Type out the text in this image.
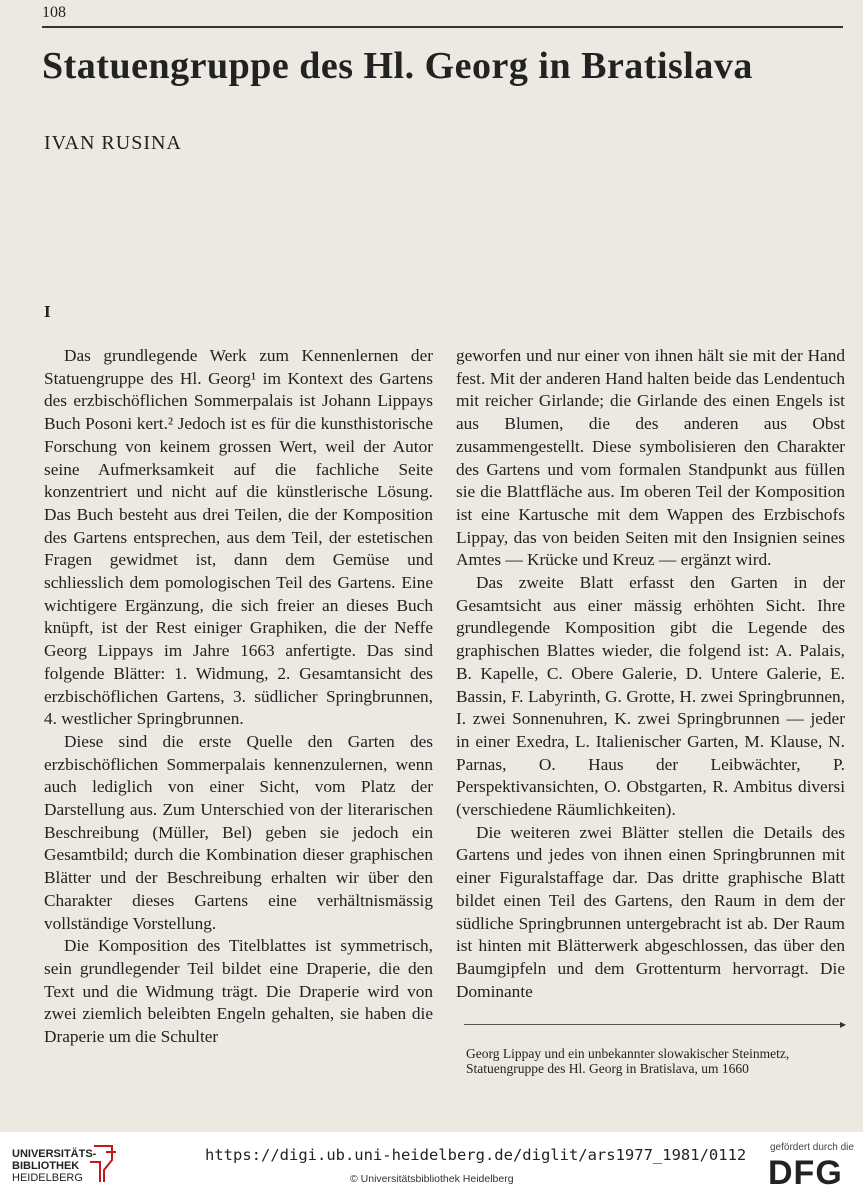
108
Statuengruppe des Hl. Georg in Bratislava
IVAN RUSINA
I

Das grundlegende Werk zum Kennenlernen der Statuengruppe des Hl. Georg¹ im Kontext des Gartens des erzbischöflichen Sommerpalais ist Johann Lippays Buch Posoni kert.² Jedoch ist es für die kunsthistorische Forschung von keinem grossen Wert, weil der Autor seine Aufmerksamkeit auf die fachliche Seite konzentriert und nicht auf die künstlerische Lösung. Das Buch besteht aus drei Teilen, die der Komposition des Gartens entsprechen, aus dem Teil, der estetischen Fragen gewidmet ist, dann dem Gemüse und schliesslich dem pomologischen Teil des Gartens. Eine wichtigere Ergänzung, die sich freier an dieses Buch knüpft, ist der Rest einiger Graphiken, die der Neffe Georg Lippays im Jahre 1663 anfertigte. Das sind folgende Blätter: 1. Widmung, 2. Gesamtansicht des erzbischöflichen Gartens, 3. südlicher Springbrunnen, 4. westlicher Springbrunnen.

Diese sind die erste Quelle den Garten des erzbischöflichen Sommerpalais kennenzulernen, wenn auch lediglich von einer Sicht, vom Platz der Darstellung aus. Zum Unterschied von der literarischen Beschreibung (Müller, Bel) geben sie jedoch ein Gesamtbild; durch die Kombination dieser graphischen Blätter und der Beschreibung erhalten wir über den Charakter dieses Gartens eine verhältnismässig vollständige Vorstellung.

Die Komposition des Titelblattes ist symmetrisch, sein grundlegender Teil bildet eine Draperie, die den Text und die Widmung trägt. Die Draperie wird von zwei ziemlich beleibten Engeln gehalten, sie haben die Draperie um die Schulter

geworfen und nur einer von ihnen hält sie mit der Hand fest. Mit der anderen Hand halten beide das Lendentuch mit reicher Girlande; die Girlande des einen Engels ist aus Blumen, die des anderen aus Obst zusammengestellt. Diese symbolisieren den Charakter des Gartens und vom formalen Standpunkt aus füllen sie die Blattfläche aus. Im oberen Teil der Komposition ist eine Kartusche mit dem Wappen des Erzbischofs Lippay, das von beiden Seiten mit den Insignien seines Amtes — Krücke und Kreuz — ergänzt wird.

Das zweite Blatt erfasst den Garten in der Gesamtsicht aus einer mässig erhöhten Sicht. Ihre grundlegende Komposition gibt die Legende des graphischen Blattes wieder, die folgend ist: A. Palais, B. Kapelle, C. Obere Galerie, D. Untere Galerie, E. Bassin, F. Labyrinth, G. Grotte, H. zwei Springbrunnen, I. zwei Sonnenuhren, K. zwei Springbrunnen — jeder in einer Exedra, L. Italienischer Garten, M. Klause, N. Parnas, O. Haus der Leibwächter, P. Perspektivansichten, O. Obstgarten, R. Ambitus diversi (verschiedene Räumlichkeiten).

Die weiteren zwei Blätter stellen die Details des Gartens und jedes von ihnen einen Springbrunnen mit einer Figuralstaffage dar. Das dritte graphische Blatt bildet einen Teil des Gartens, den Raum in dem der südliche Springbrunnen untergebracht ist ab. Der Raum ist hinten mit Blätterwerk abgeschlossen, das über den Baumgipfeln und dem Grottenturm hervorragt. Die Dominante

▸
Georg Lippay und ein unbekannter slowakischer Steinmetz,
Statuengruppe des Hl. Georg in Bratislava, um 1660
UNIVERSITÄTS-
BIBLIOTHEK
HEIDELBERG
https://digi.ub.uni-heidelberg.de/diglit/ars1977_1981/0112
© Universitätsbibliothek Heidelberg
gefördert durch die
DFG
